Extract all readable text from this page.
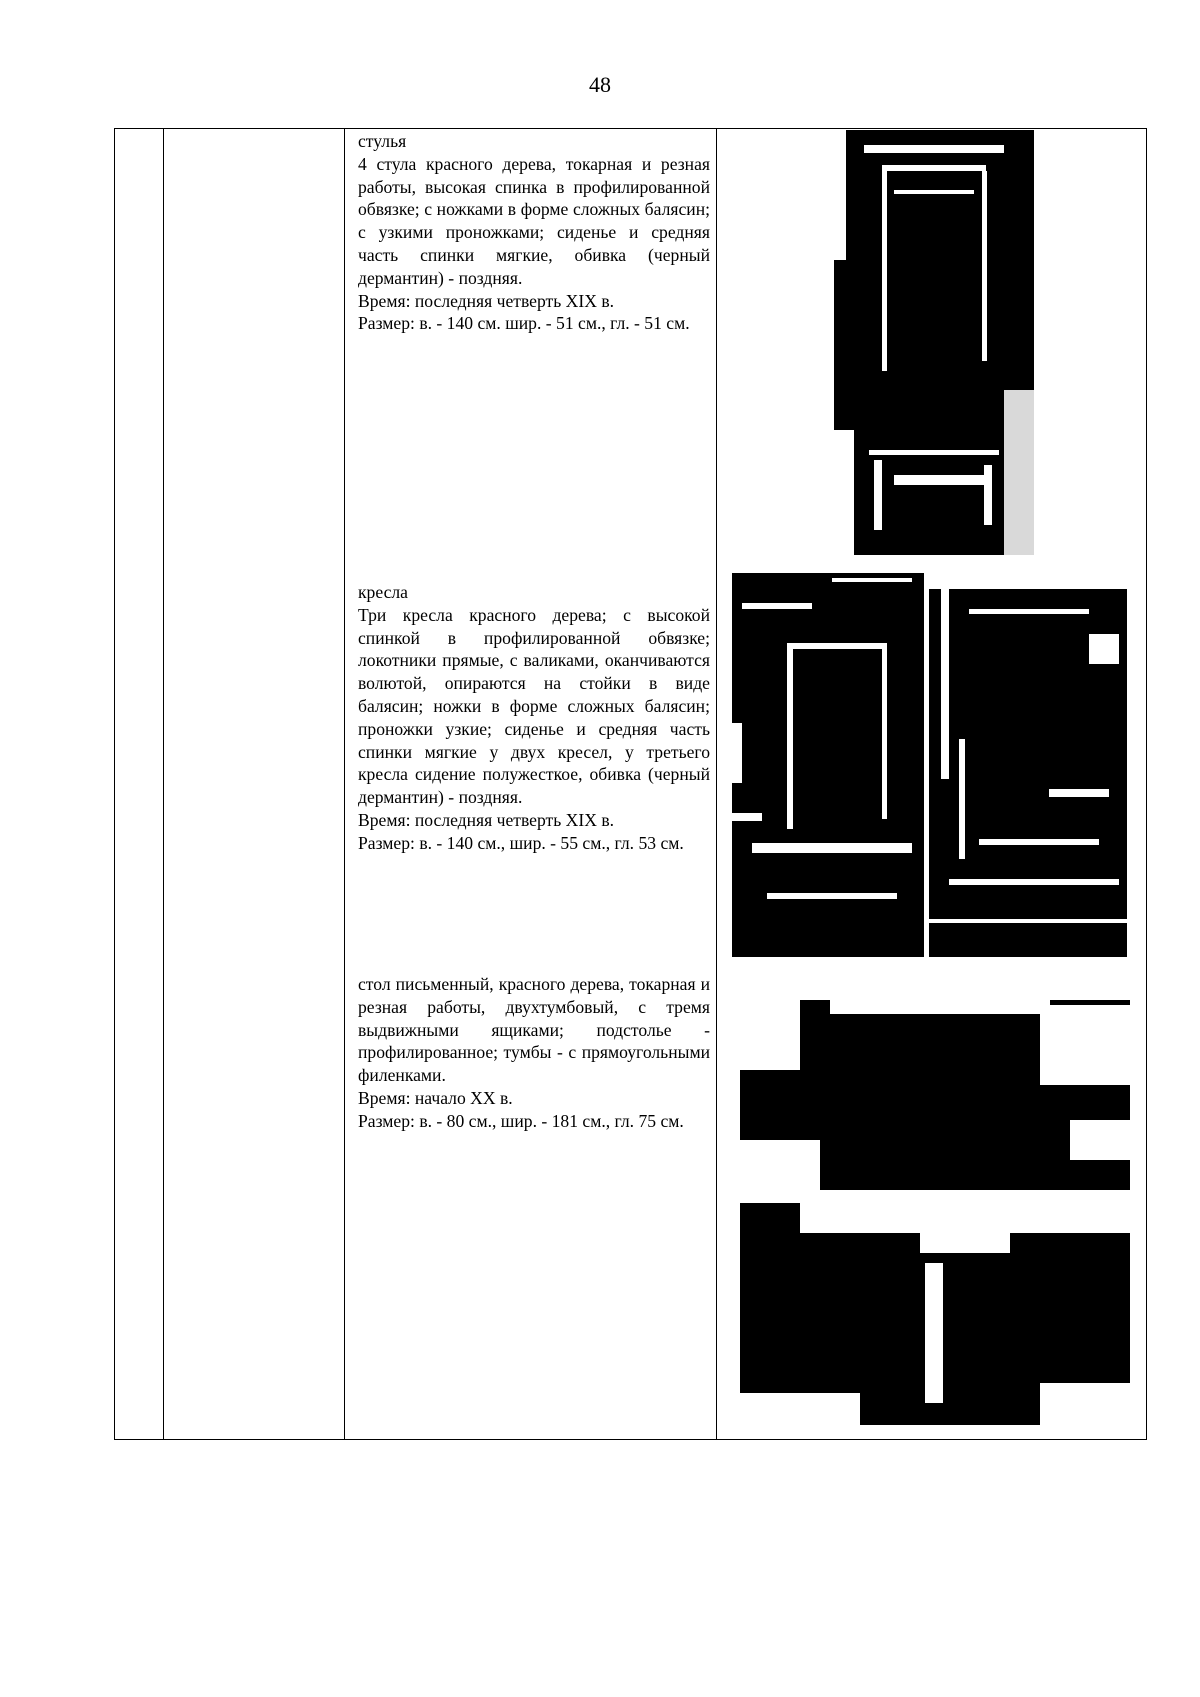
48

стулья

4 стула красного дерева, токарная и резная работы, высокая спинка в профилированной обвязке; с ножками в форме сложных балясин; с узкими проножками; сиденье и средняя часть спинки мягкие, обивка (черный дермантин) - поздняя.

Время: последняя четверть XIX в.

Размер: в. - 140 см. шир. - 51 см., гл. - 51 см.

кресла

Три кресла красного дерева; с высокой спинкой в профилированной обвязке; локотники прямые, с валиками, оканчиваются волютой, опираются на стойки в виде балясин; ножки в форме сложных балясин; проножки узкие; сиденье и средняя часть спинки мягкие у двух кресел, у третьего кресла сидение полужесткое, обивка (черный дермантин) - поздняя.

Время: последняя четверть XIX в.

Размер: в. - 140 см., шир. - 55 см., гл. 53 см.

стол письменный, красного дерева, токарная и резная работы, двухтумбовый, с тремя выдвижными ящиками; подстолье - профилированное; тумбы - с прямоугольными филенками.

Время: начало XX в.

Размер: в. - 80 см., шир. - 181 см., гл. 75 см.
